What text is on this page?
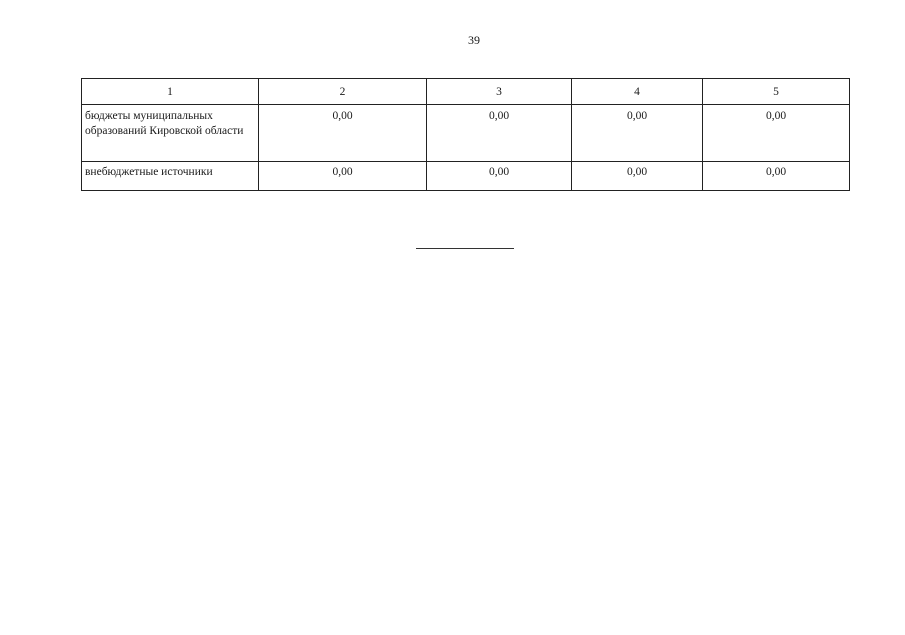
39
1	2	3	4	5
бюджеты муниципальных образований Кировской области	0,00	0,00	0,00	0,00
внебюджетные источники	0,00	0,00	0,00	0,00
